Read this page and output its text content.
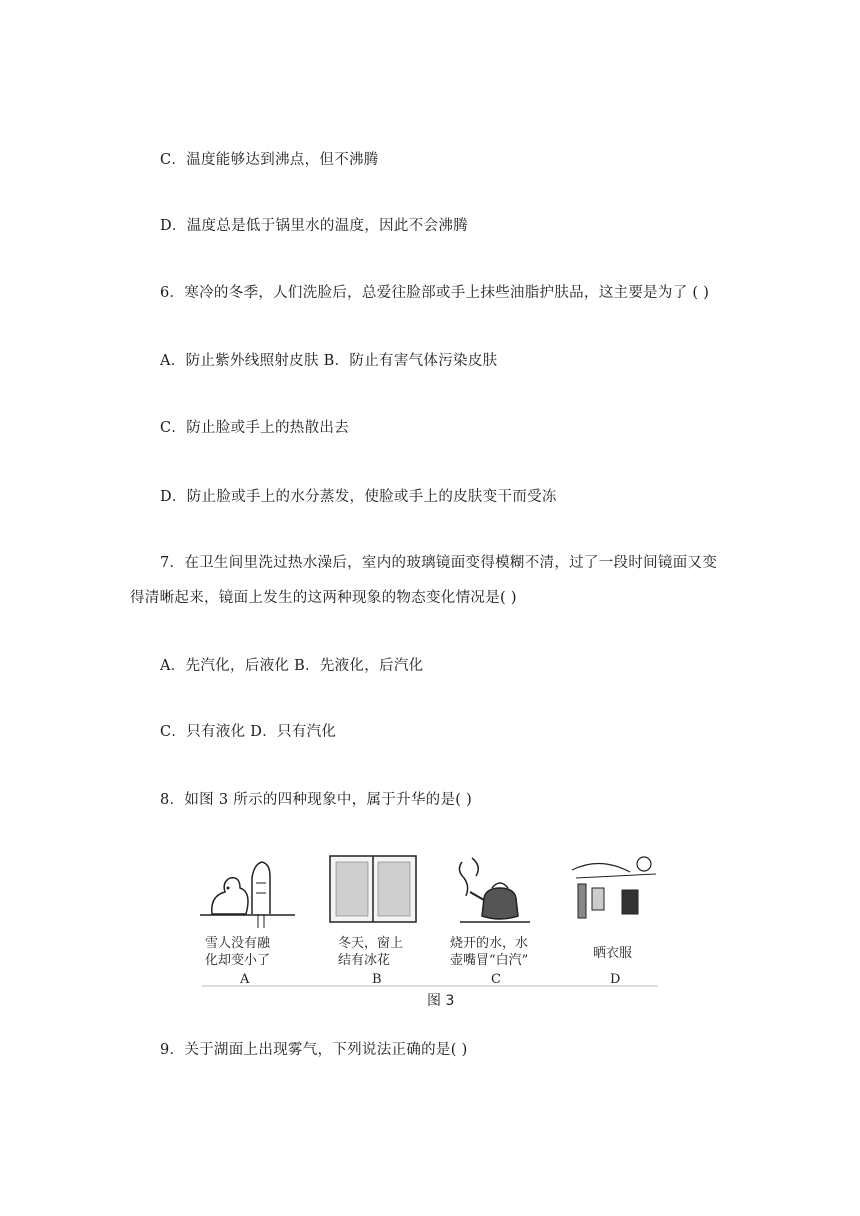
C．温度能够达到沸点，但不沸腾
D．温度总是低于锅里水的温度，因此不会沸腾
6．寒冷的冬季，人们洗脸后，总爱往脸部或手上抹些油脂护肤品，这主要是为了 ( )
A．防止紫外线照射皮肤 B．防止有害气体污染皮肤
C．防止脸或手上的热散出去
D．防止脸或手上的水分蒸发，使脸或手上的皮肤变干而受冻
7．在卫生间里洗过热水澡后，室内的玻璃镜面变得模糊不清，过了一段时间镜面又变
得清晰起来，镜面上发生的这两种现象的物态变化情况是( )
A．先汽化，后液化 B．先液化，后汽化
C．只有液化 D．只有汽化
8．如图 3 所示的四种现象中，属于升华的是( )
雪人没有融
化却变小了
A
冬天，窗上
结有冰花
B
烧开的水，水
壶嘴冒“白汽”
C
晒衣服
D
图 3
9．关于湖面上出现雾气，下列说法正确的是( )
